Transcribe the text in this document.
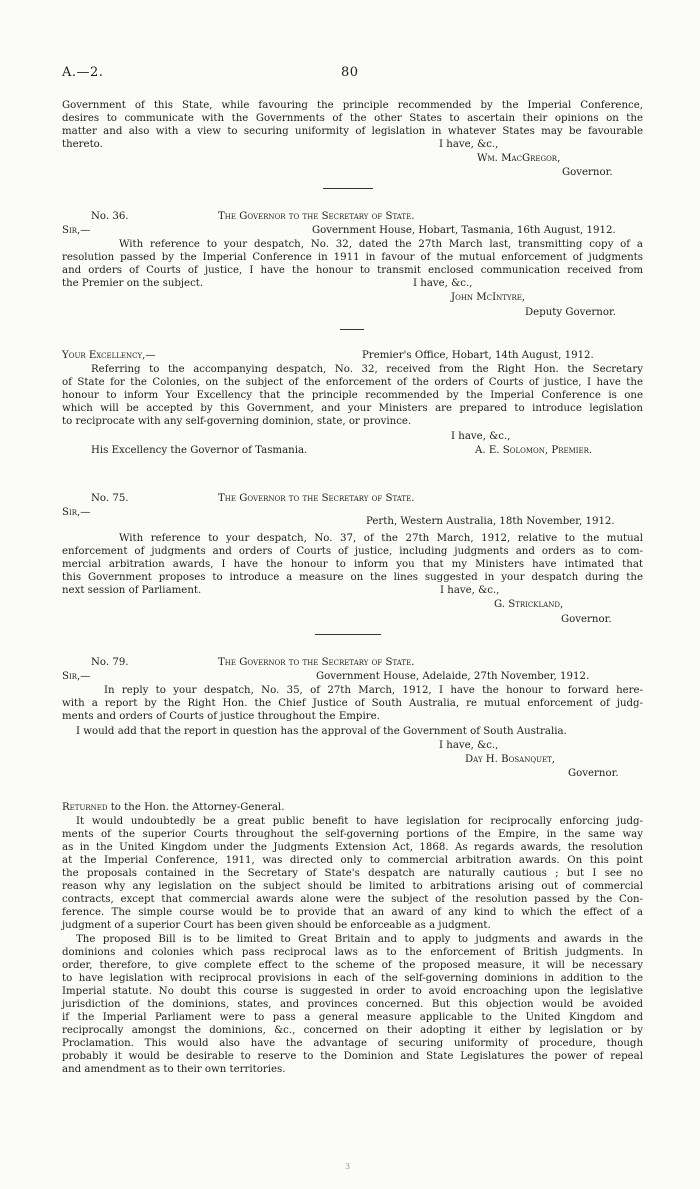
A.—2.	80
Government of this State, while favouring the principle recommended by the Imperial Conference,
desires to communicate with the Governments of the other States to ascertain their opinions on the
matter and also with a view to securing uniformity of legislation in whatever States may be favourable
thereto.	I have, &c.,
Wm. MacGregor,
Governor.
No. 36.	The Governor to the Secretary of State.
Sir,—	Government House, Hobart, Tasmania, 16th August, 1912.
With reference to your despatch, No. 32, dated the 27th March last, transmitting copy of a
resolution passed by the Imperial Conference in 1911 in favour of the mutual enforcement of judgments
and orders of Courts of justice, I have the honour to transmit enclosed communication received from
the Premier on the subject.	I have, &c.,
John McIntyre,
Deputy Governor.
Your Excellency,—	Premier's Office, Hobart, 14th August, 1912.
Referring to the accompanying despatch, No. 32, received from the Right Hon. the Secretary
of State for the Colonies, on the subject of the enforcement of the orders of Courts of justice, I have the
honour to inform Your Excellency that the principle recommended by the Imperial Conference is one
which will be accepted by this Government, and your Ministers are prepared to introduce legislation
to reciprocate with any self-governing dominion, state, or province.
I have, &c.,
His Excellency the Governor of Tasmania.	A. E. Solomon, Premier.
No. 75.	The Governor to the Secretary of State.
Sir,—
Perth, Western Australia, 18th November, 1912.
With reference to your despatch, No. 37, of the 27th March, 1912, relative to the mutual
enforcement of judgments and orders of Courts of justice, including judgments and orders as to com-
mercial arbitration awards, I have the honour to inform you that my Ministers have intimated that
this Government proposes to introduce a measure on the lines suggested in your despatch during the
next session of Parliament.	I have, &c.,
G. Strickland,
Governor.
No. 79.	The Governor to the Secretary of State.
Sir,—	Government House, Adelaide, 27th November, 1912.
In reply to your despatch, No. 35, of 27th March, 1912, I have the honour to forward here-
with a report by the Right Hon. the Chief Justice of South Australia, re mutual enforcement of judg-
ments and orders of Courts of justice throughout the Empire.
I would add that the report in question has the approval of the Government of South Australia.
I have, &c.,
Day H. Bosanquet,
Governor.
Returned to the Hon. the Attorney-General.
It would undoubtedly be a great public benefit to have legislation for reciprocally enforcing judg-
ments of the superior Courts throughout the self-governing portions of the Empire, in the same way
as in the United Kingdom under the Judgments Extension Act, 1868. As regards awards, the resolution
at the Imperial Conference, 1911, was directed only to commercial arbitration awards. On this point
the proposals contained in the Secretary of State's despatch are naturally cautious ; but I see no
reason why any legislation on the subject should be limited to arbitrations arising out of commercial
contracts, except that commercial awards alone were the subject of the resolution passed by the Con-
ference. The simple course would be to provide that an award of any kind to which the effect of a
judgment of a superior Court has been given should be enforceable as a judgment.
The proposed Bill is to be limited to Great Britain and to apply to judgments and awards in the
dominions and colonies which pass reciprocal laws as to the enforcement of British judgments. In
order, therefore, to give complete effect to the scheme of the proposed measure, it will be necessary
to have legislation with reciprocal provisions in each of the self-governing dominions in addition to the
Imperial statute. No doubt this course is suggested in order to avoid encroaching upon the legislative
jurisdiction of the dominions, states, and provinces concerned. But this objection would be avoided
if the Imperial Parliament were to pass a general measure applicable to the United Kingdom and
reciprocally amongst the dominions, &c., concerned on their adopting it either by legislation or by
Proclamation. This would also have the advantage of securing uniformity of procedure, though
probably it would be desirable to reserve to the Dominion and State Legislatures the power of repeal
and amendment as to their own territories.
3
